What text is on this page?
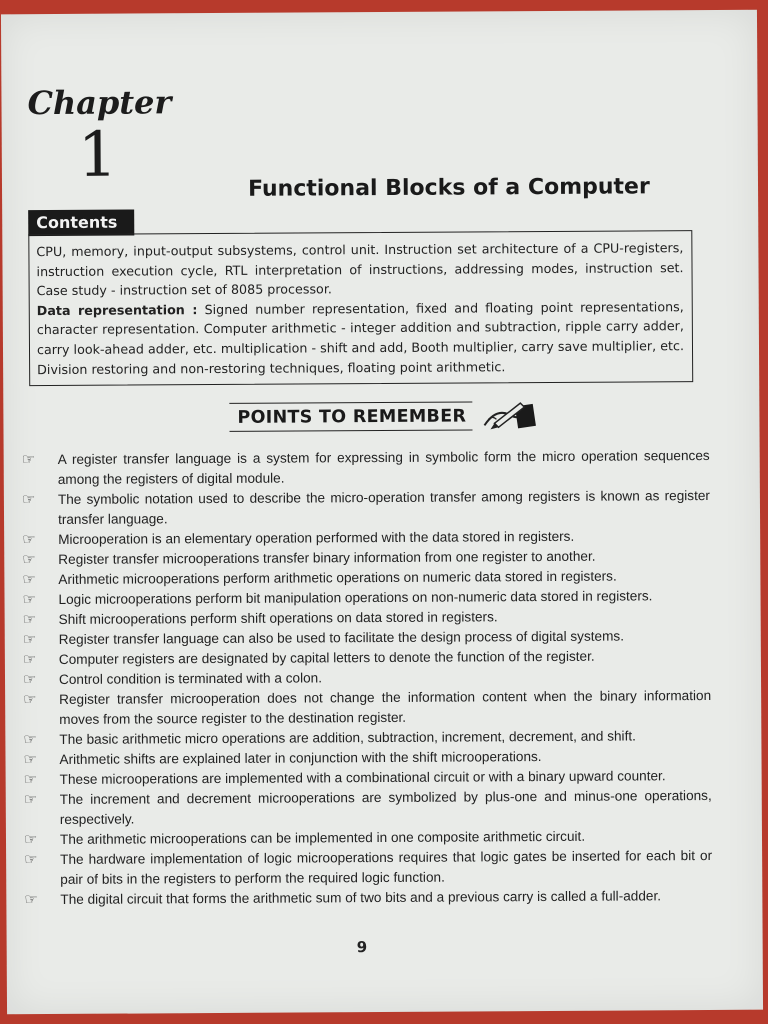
Chapter
1	Functional Blocks of a Computer
Contents
CPU, memory, input-output subsystems, control unit. Instruction set architecture of a CPU-registers, instruction execution cycle, RTL interpretation of instructions, addressing modes, instruction set. Case study - instruction set of 8085 processor.
Data representation : Signed number representation, fixed and floating point representations, character representation. Computer arithmetic - integer addition and subtraction, ripple carry adder, carry look-ahead adder, etc. multiplication - shift and add, Booth multiplier, carry save multiplier, etc. Division restoring and non-restoring techniques, floating point arithmetic.
POINTS TO REMEMBER
☞	A register transfer language is a system for expressing in symbolic form the micro operation sequences among the registers of digital module.
☞	The symbolic notation used to describe the micro-operation transfer among registers is known as register transfer language.
☞	Microoperation is an elementary operation performed with the data stored in registers.
☞	Register transfer microoperations transfer binary information from one register to another.
☞	Arithmetic microoperations perform arithmetic operations on numeric data stored in registers.
☞	Logic microoperations perform bit manipulation operations on non-numeric data stored in registers.
☞	Shift microoperations perform shift operations on data stored in registers.
☞	Register transfer language can also be used to facilitate the design process of digital systems.
☞	Computer registers are designated by capital letters to denote the function of the register.
☞	Control condition is terminated with a colon.
☞	Register transfer microoperation does not change the information content when the binary information moves from the source register to the destination register.
☞	The basic arithmetic micro operations are addition, subtraction, increment, decrement, and shift.
☞	Arithmetic shifts are explained later in conjunction with the shift microoperations.
☞	These microoperations are implemented with a combinational circuit or with a binary upward counter.
☞	The increment and decrement microoperations are symbolized by plus-one and minus-one operations, respectively.
☞	The arithmetic microoperations can be implemented in one composite arithmetic circuit.
☞	The hardware implementation of logic microoperations requires that logic gates be inserted for each bit or pair of bits in the registers to perform the required logic function.
☞	The digital circuit that forms the arithmetic sum of two bits and a previous carry is called a full-adder.
9
